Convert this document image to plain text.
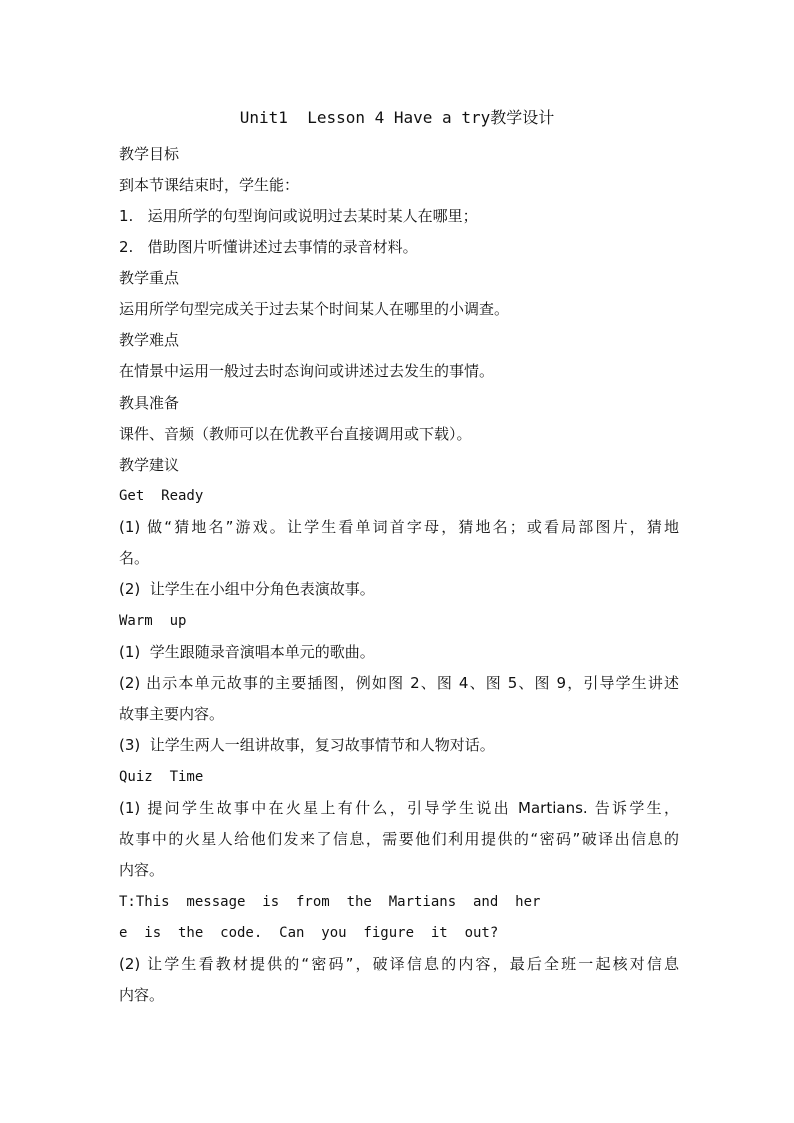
Unit1  Lesson 4 Have a try教学设计
教学目标
到本节课结束时，学生能：
1.   运用所学的句型询问或说明过去某时某人在哪里；
2.   借助图片听懂讲述过去事情的录音材料。
教学重点
运用所学句型完成关于过去某个时间某人在哪里的小调查。
教学难点
在情景中运用一般过去时态询问或讲述过去发生的事情。
教具准备
课件、音频（教师可以在优教平台直接调用或下载）。
教学建议
Get  Ready
(1) 做“猜地名”游戏。让学生看单词首字母，猜地名；或看局部图片，猜地
名。
(2)  让学生在小组中分角色表演故事。
Warm  up
(1)  学生跟随录音演唱本单元的歌曲。
(2) 出示本单元故事的主要插图，例如图 2、图 4、图 5、图 9，引导学生讲述
故事主要内容。
(3)  让学生两人一组讲故事，复习故事情节和人物对话。
Quiz  Time
(1) 提问学生故事中在火星上有什么，引导学生说出 Martians. 告诉学生，
故事中的火星人给他们发来了信息，需要他们利用提供的“密码”破译出信息的
内容。
T:This  message  is  from  the  Martians  and  her
e  is  the  code.  Can  you  figure  it  out?
(2) 让学生看教材提供的“密码”，破译信息的内容，最后全班一起核对信息
内容。
